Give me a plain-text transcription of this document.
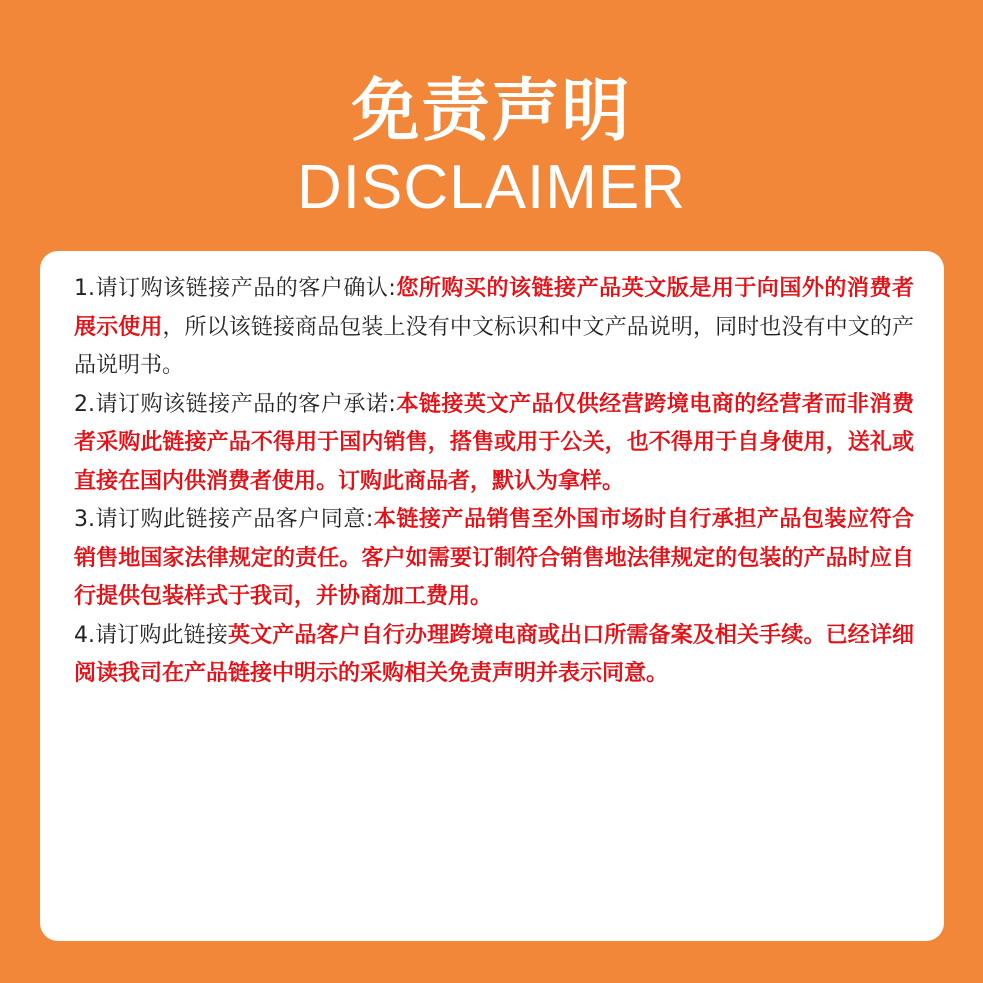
免责声明
DISCLAIMER

1.请订购该链接产品的客户确认:您所购买的该链接产品英文版是用于向国外的消费者展示使用，所以该链接商品包装上没有中文标识和中文产品说明，同时也没有中文的产品说明书。

2.请订购该链接产品的客户承诺:本链接英文产品仅供经营跨境电商的经营者而非消费者采购此链接产品不得用于国内销售，搭售或用于公关，也不得用于自身使用，送礼或直接在国内供消费者使用。订购此商品者，默认为拿样。

3.请订购此链接产品客户同意:本链接产品销售至外国市场时自行承担产品包装应符合销售地国家法律规定的责任。客户如需要订制符合销售地法律规定的包装的产品时应自行提供包装样式于我司，并协商加工费用。

4.请订购此链接英文产品客户自行办理跨境电商或出口所需备案及相关手续。已经详细阅读我司在产品链接中明示的采购相关免责声明并表示同意。
